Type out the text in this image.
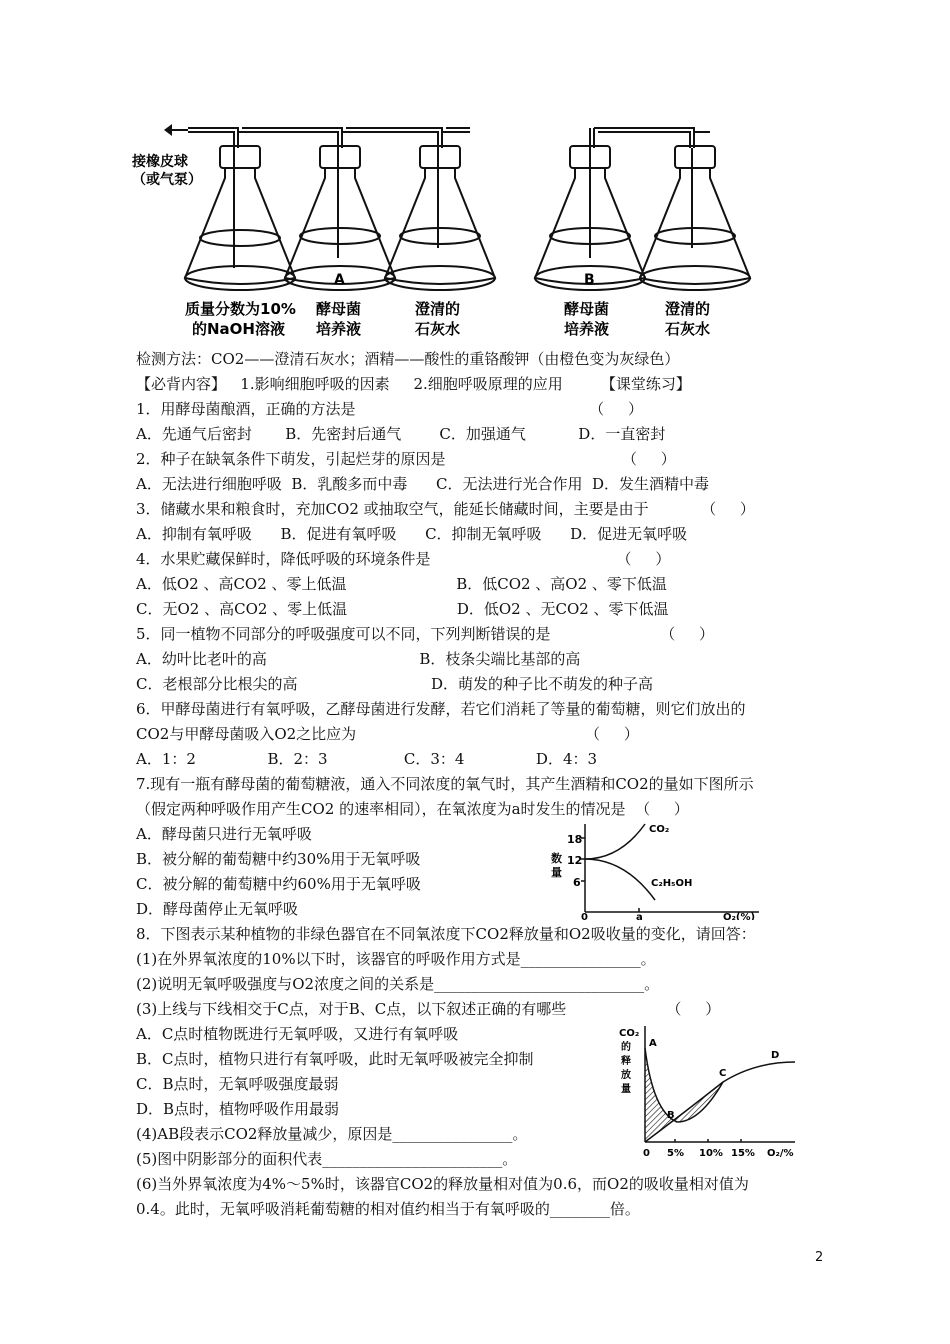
接橡皮球
（或气泵）
A	B
质量分数为10%
的NaOH溶液
酵母菌
培养液
澄清的
石灰水
酵母菌
培养液
澄清的
石灰水
检测方法：CO2——澄清石灰水；酒精——酸性的重铬酸钾（由橙色变为灰绿色）
【必背内容】   1.影响细胞呼吸的因素     2.细胞呼吸原理的应用        【课堂练习】
1．用酵母菌酿酒，正确的方法是                                                 （     ）
A．先通气后密封       B．先密封后通气        C．加强通气           D．一直密封
2．种子在缺氧条件下萌发，引起烂芽的原因是                                     （     ）
A．无法进行细胞呼吸  B．乳酸多而中毒      C．无法进行光合作用  D．发生酒精中毒
3．储藏水果和粮食时，充加CO2 或抽取空气，能延长储藏时间，主要是由于           （     ）
A．抑制有氧呼吸      B．促进有氧呼吸      C．抑制无氧呼吸      D．促进无氧呼吸
4．水果贮藏保鲜时，降低呼吸的环境条件是                                       （     ）
A．低O2 、高CO2 、零上低温                       B．低CO2 、高O2 、零下低温
C．无O2 、高CO2 、零上低温                       D．低O2 、无CO2 、零下低温
5．同一植物不同部分的呼吸强度可以不同，下列判断错误的是                       （     ）
A．幼叶比老叶的高                                B．枝条尖端比基部的高
C．老根部分比根尖的高                            D．萌发的种子比不萌发的种子高
6．甲酵母菌进行有氧呼吸，乙酵母菌进行发酵，若它们消耗了等量的葡萄糖，则它们放出的
CO2与甲酵母菌吸入O2之比应为                                                （     ）
A．1：2               B．2：3                C．3：4               D．4：3
7.现有一瓶有酵母菌的葡萄糖液，通入不同浓度的氧气时，其产生酒精和CO2的量如下图所示
（假定两种呼吸作用产生CO2 的速率相同），在氧浓度为a时发生的情况是  （     ）
A．酵母菌只进行无氧呼吸
B．被分解的葡萄糖中约30%用于无氧呼吸
C．被分解的葡萄糖中约60%用于无氧呼吸
D．酵母菌停止无氧呼吸
8．下图表示某种植物的非绿色器官在不同氧浓度下CO2释放量和O2吸收量的变化，请回答：
(1)在外界氧浓度的10%以下时，该器官的呼吸作用方式是________________。
(2)说明无氧呼吸强度与O2浓度之间的关系是____________________________。
(3)上线与下线相交于C点，对于B、C点，以下叙述正确的有哪些                     （     ）
A．C点时植物既进行无氧呼吸，又进行有氧呼吸
B．C点时，植物只进行有氧呼吸，此时无氧呼吸被完全抑制
C．B点时，无氧呼吸强度最弱
D．B点时，植物呼吸作用最弱
(4)AB段表示CO2释放量减少，原因是________________。
(5)图中阴影部分的面积代表________________________。
(6)当外界氧浓度为4%～5%时，该器官CO2的释放量相对值为0.6，而O2的吸收量相对值为
0.4。此时，无氧呼吸消耗葡萄糖的相对值约相当于有氧呼吸的________倍。
18
12
6
数
量
0	a	O₂(%)
CO₂
C₂H₅OH
CO₂
的
释
放
量
A
B
C
D
0 5% 10% 15% O₂/%
2
